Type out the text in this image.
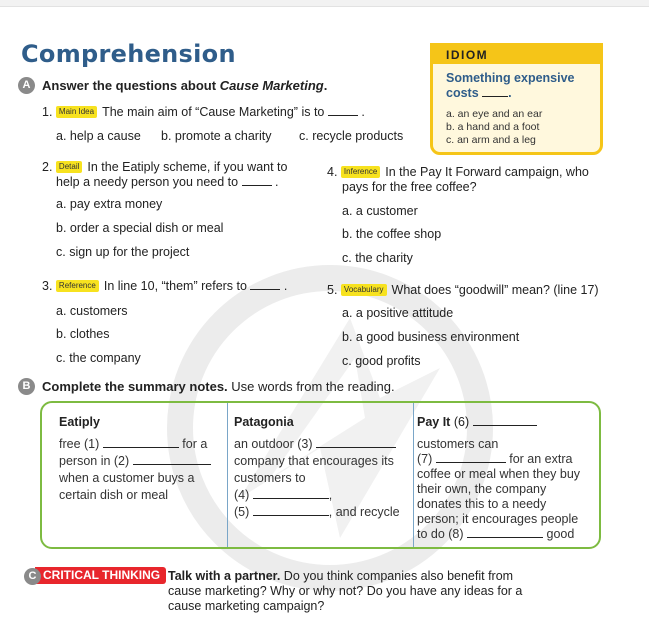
Comprehension	IDIOM
Something expensive
costs .
a. an eye and an ear
b. a hand and a foot
c. an arm and a leg
A Answer the questions about Cause Marketing.
1. Main Idea The main aim of “Cause Marketing” is to	.
a. help a cause b. promote a charity c. recycle products
2. Detail In the Eatiply scheme, if you want to
help a needy person you need to	.
a. pay extra money
b. order a special dish or meal
c. sign up for the project
4. Inference In the Pay It Forward campaign, who
pays for the free coffee?
a. a customer
b. the coffee shop
c. the charity
3. Reference In line 10, “them” refers to	.
a. customers
b. clothes
c. the company
5. Vocabulary What does “goodwill” mean? (line 17)
a. a positive attitude
b. a good business environment
c. good profits
B Complete the summary notes. Use words from the reading.
Eatiply
free (1)	for a
person in (2)
when a customer buys a
certain dish or meal
Patagonia
an outdoor (3)
company that encourages its
customers to
(4)	,
(5)	, and recycle
Pay It (6)
customers can
(7)	for an extra
coffee or meal when they buy
their own, the company
donates this to a needy
person; it encourages people
to do (8)	good
CRITICAL THINKING
C	Talk with a partner. Do you think companies also benefit from
cause marketing? Why or why not? Do you have any ideas for a
cause marketing campaign?
